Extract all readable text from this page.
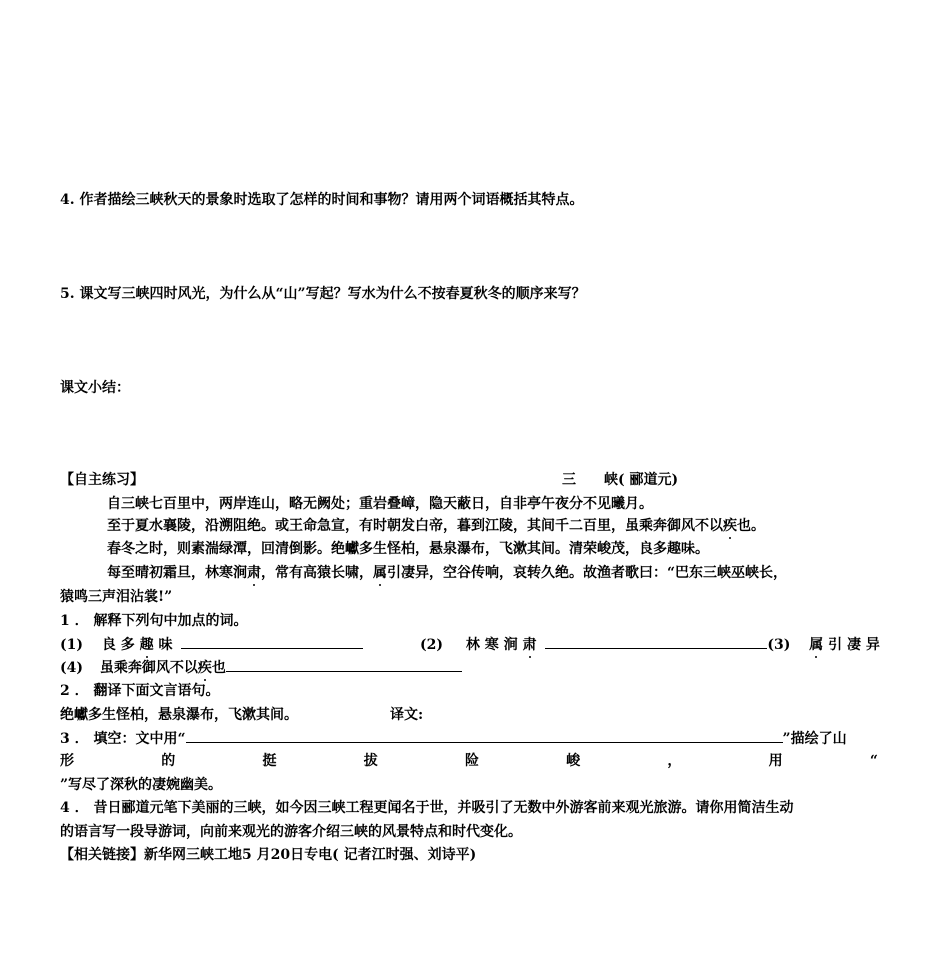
4. 作者描绘三峡秋天的景象时选取了怎样的时间和事物？请用两个词语概括其特点。
5. 课文写三峡四时风光，为什么从“山”写起？写水为什么不按春夏秋冬的顺序来写？
课文小结：
【自主练习】	三　　峡( 郦道元)
自三峡七百里中，两岸连山，略无阙处；重岩叠嶂，隐天蔽日，自非亭午夜分不见曦月。
至于夏水襄陵，沿溯阻绝。或王命急宣，有时朝发白帝，暮到江陵，其间千二百里，虽乘奔御风不以疾也。
春冬之时，则素湍绿潭，回清倒影。绝巘多生怪柏，悬泉瀑布，飞漱其间。清荣峻茂，良多趣味。
每至晴初霜旦，林寒涧肃，常有高猿长啸，属引凄异，空谷传响，哀转久绝。故渔者歌曰：“巴东三峡巫峡长，
猿鸣三声泪沾裳!”
1 ． 解释下列句中加点的词。
(1) 良 多 趣 味	(2) 林 寒 涧 肃	(3) 属 引 凄 异
(4) 虽乘奔御风不以疾也
2 ． 翻译下面文言语句。
绝巘多生怪柏，悬泉瀑布，飞漱其间。	译文:
3 ． 填空：文中用“	”描绘了山
形	的	挺	拔	险	峻	，	用	“
”写尽了深秋的凄婉幽美。
4 ． 昔日郦道元笔下美丽的三峡，如今因三峡工程更闻名于世，并吸引了无数中外游客前来观光旅游。请你用简洁生动
的语言写一段导游词，向前来观光的游客介绍三峡的风景特点和时代变化。
【相关链接】新华网三峡工地5 月20日专电( 记者江时强、刘诗平)
